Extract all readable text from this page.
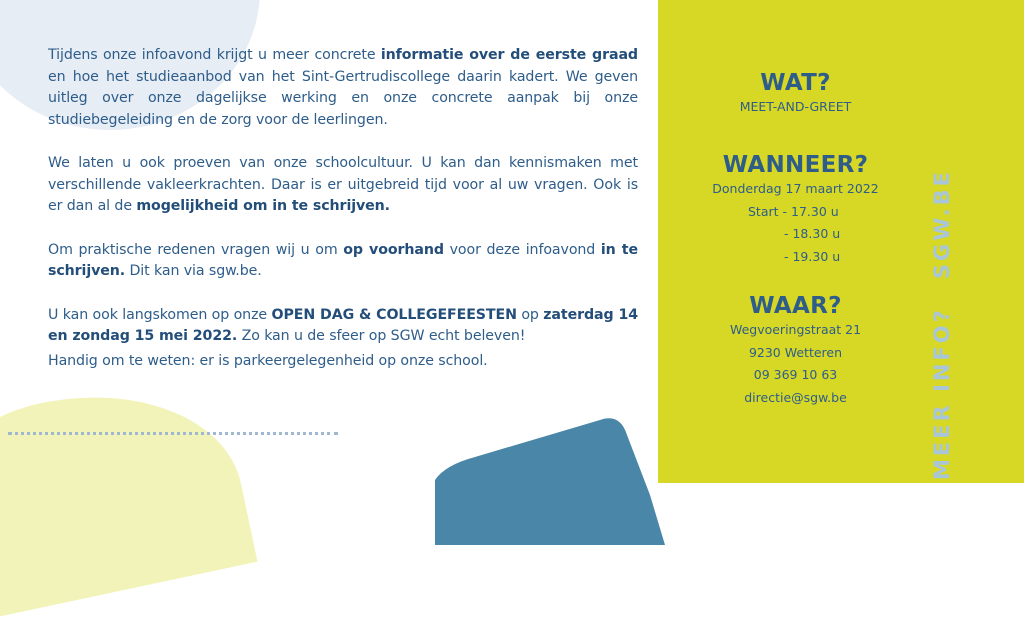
Tijdens onze infoavond krijgt u meer concrete informatie over de eerste graad en hoe het studieaanbod van het Sint-Gertrudiscollege daarin kadert. We geven uitleg over onze dagelijkse werking en onze concrete aanpak bij onze studiebegeleiding en de zorg voor de leerlingen.

We laten u ook proeven van onze schoolcultuur. U kan dan kennismaken met verschillende vakleerkrachten. Daar is er uitgebreid tijd voor al uw vragen. Ook is er dan al de mogelijkheid om in te schrijven.

Om praktische redenen vragen wij u om op voorhand voor deze infoavond in te schrijven. Dit kan via sgw.be.

U kan ook langskomen op onze OPEN DAG & COLLEGEFEESTEN op zaterdag 14 en zondag 15 mei 2022. Zo kan u de sfeer op SGW echt beleven!

Handig om te weten: er is parkeergelegenheid op onze school.

WAT?
MEET-AND-GREET
WANNEER?
Donderdag 17 maart 2022
Start - 17.30 u
- 18.30 u
- 19.30 u
WAAR?
Wegvoeringstraat 21
9230 Wetteren
09 369 10 63
directie@sgw.be	MEER INFO?SGW.BE
